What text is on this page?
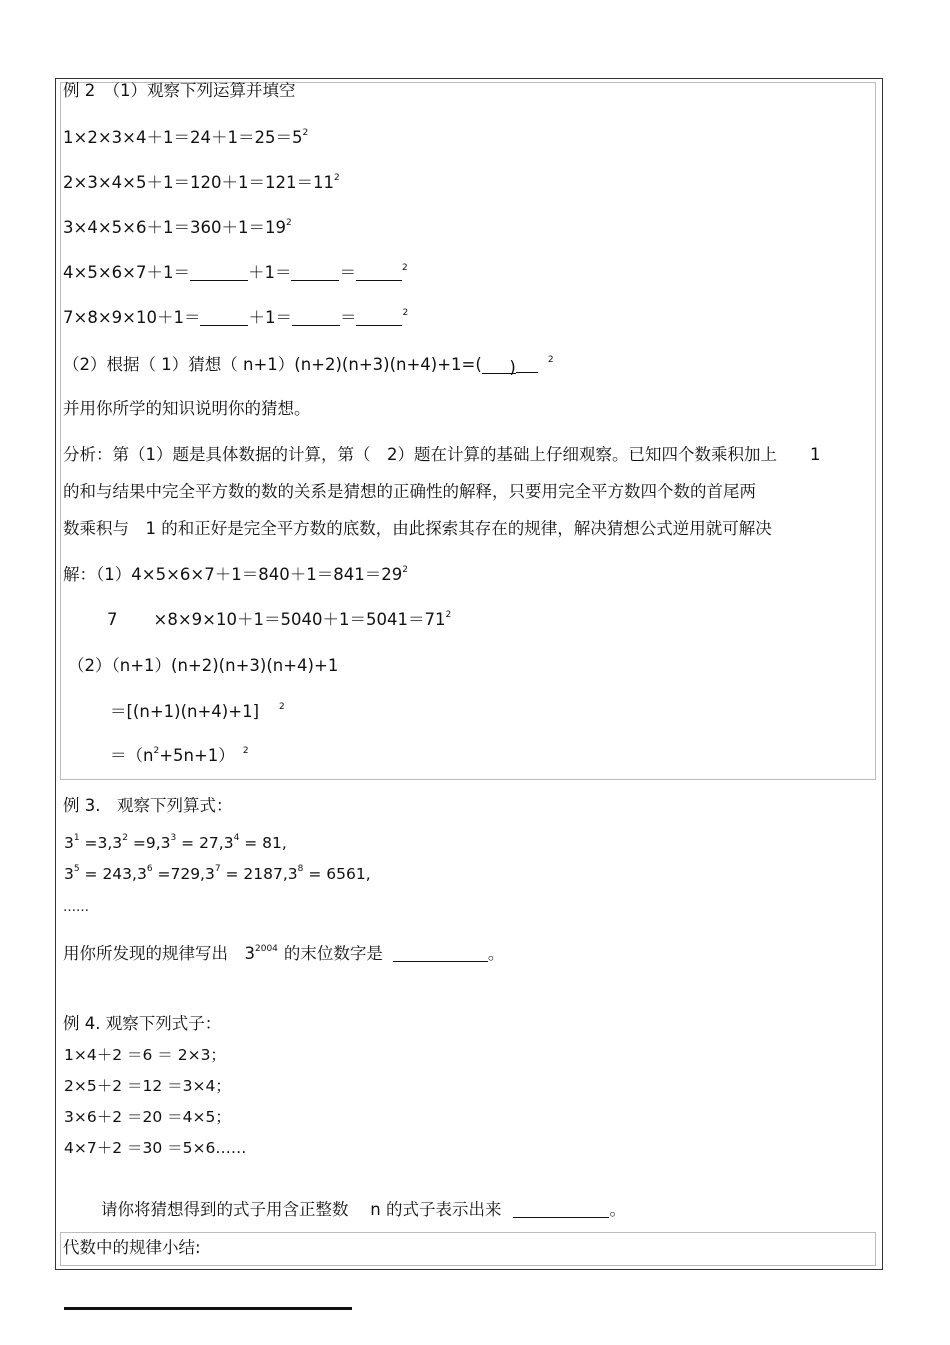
例 2　（1）观察下列运算并填空
$1\times 2\times 3\times 4+1=24+1=25=5^2$
$2\times 3\times 4\times 5+1=120+1=121=11^2$
$3\times 4\times 5\times 6+1=360+1=19^2$
4×5×6×7＋1＝	＋1＝	＝	$^2$
7×8×9×10＋1＝	＋1＝	＝	$^2$
（2）根据（ 1）猜想（ n+1）(n+2)(n+3)(n+4)+1=( )	$^2$
并用你所学的知识说明你的猜想。
分析：第（1）题是具体数据的计算，第（　2）题在计算的基础上仔细观察。已知四个数乘积加上　　1
的和与结果中完全平方数的数的关系是猜想的正确性的解释，只要用完全平方数四个数的首尾两
数乘积与　1 的和正好是完全平方数的底数，由此探索其存在的规律，解决猜想公式逆用就可解决
解：$(1)4\times 5\times 6\times 7+1=840+1=841=29^2$
$7 \times 8\times 9\times 10+1=5040+1=5041=71^2$
（2）（n+1）(n+2)(n+3)(n+4)+1
＝[(n+1)(n+4)+1] $^2$
$=(n^2+5n+1)$ $^2$
例 3.　观察下列算式：
$3^1 =3,3^2 =9,3^3 = 27,3^4 = 81$,
$3^5 = 243,3^6 =729,3^7 = 2187,3^8 = 6561$,
……
用你所发现的规律写出　$3^{2004}$ 的末位数字是	。
例 4. 观察下列式子：
1×4＋2 ＝6 ＝ 2×3；
2×5＋2 ＝12 ＝3×4；
3×6＋2 ＝20 ＝4×5；
4×7＋2 ＝30 ＝5×6……
请你将猜想得到的式子用含正整数　 n 的式子表示出来	。
代数中的规律小结:
